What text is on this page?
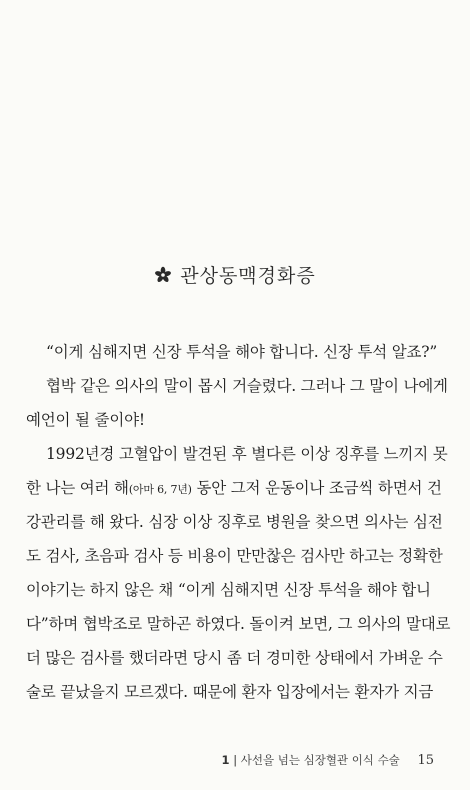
관상동맥경화증
“이게 심해지면 신장 투석을 해야 합니다. 신장 투석 알죠?”
협박 같은 의사의 말이 몹시 거슬렸다. 그러나 그 말이 나에게
예언이 될 줄이야!
1992년경 고혈압이 발견된 후 별다른 이상 징후를 느끼지 못
한 나는 여러 해(아마 6, 7년) 동안 그저 운동이나 조금씩 하면서 건
강관리를 해 왔다. 심장 이상 징후로 병원을 찾으면 의사는 심전
도 검사, 초음파 검사 등 비용이 만만찮은 검사만 하고는 정확한
이야기는 하지 않은 채 “이게 심해지면 신장 투석을 해야 합니
다”하며 협박조로 말하곤 하였다. 돌이켜 보면, 그 의사의 말대로
더 많은 검사를 했더라면 당시 좀 더 경미한 상태에서 가벼운 수
술로 끝났을지 모르겠다. 때문에 환자 입장에서는 환자가 지금
1 | 사선을 넘는 심장혈관 이식 수술 15
